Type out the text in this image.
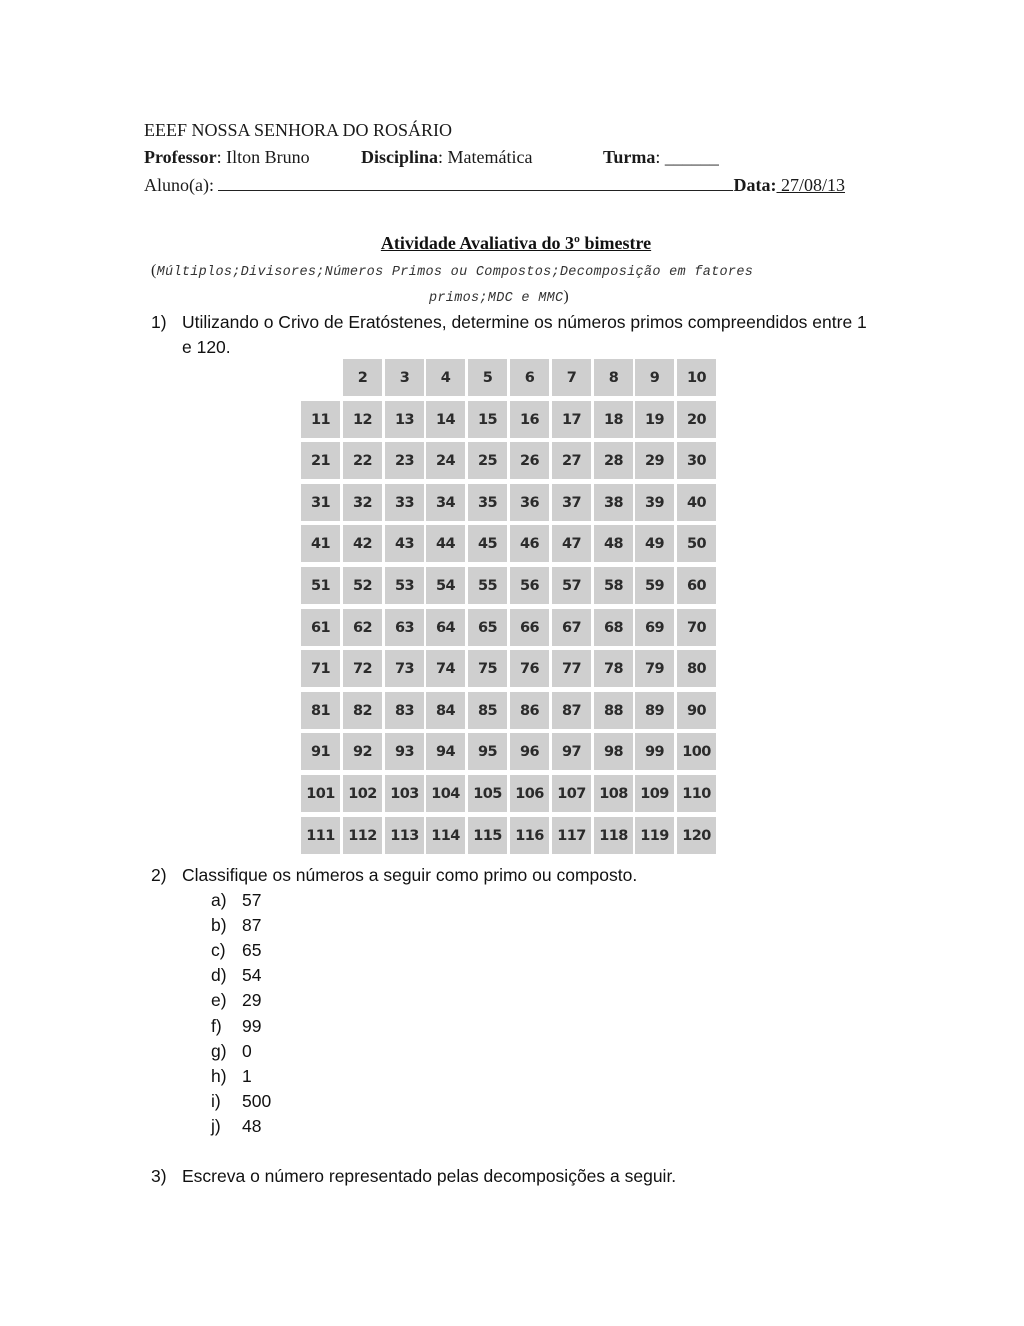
EEEF NOSSA SENHORA DO ROSÁRIO
Professor: Ilton Bruno	Disciplina: Matemática	Turma: ______
Aluno(a):	Data: 27/08/13
Atividade Avaliativa do 3º bimestre
(Múltiplos;Divisores;Números Primos ou Compostos;Decomposição em fatores
primos;MDC e MMC)
1) Utilizando o Crivo de Eratóstenes, determine os números primos compreendidos entre 1
e 120.
2	3	4	5	6	7	8	9	10
11	12	13	14	15	16	17	18	19	20
21	22	23	24	25	26	27	28	29	30
31	32	33	34	35	36	37	38	39	40
41	42	43	44	45	46	47	48	49	50
51	52	53	54	55	56	57	58	59	60
61	62	63	64	65	66	67	68	69	70
71	72	73	74	75	76	77	78	79	80
81	82	83	84	85	86	87	88	89	90
91	92	93	94	95	96	97	98	99	100
101 102 103 104 105 106 107 108 109 110
111 112 113 114 115 116 117 118 119 120
2) Classifique os números a seguir como primo ou composto.
a) 57
b) 87
c) 65
d) 54
e) 29
f) 99
g) 0
h) 1
i) 500
j) 48
3) Escreva o número representado pelas decomposições a seguir.
